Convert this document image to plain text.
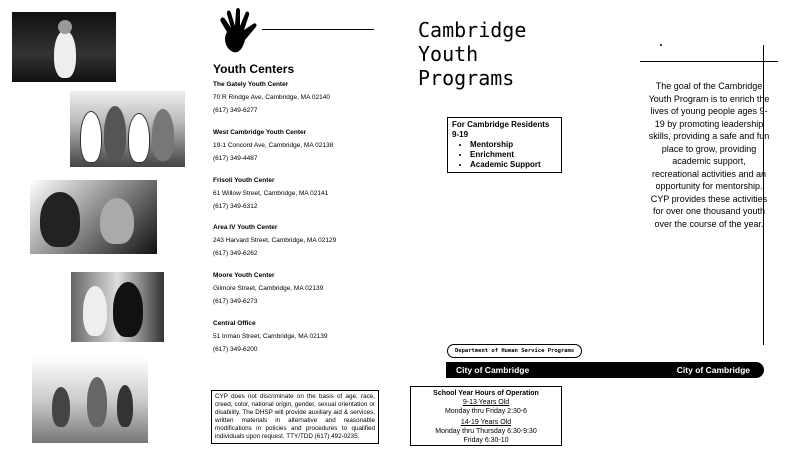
Youth Centers
The Gately Youth Center
70 R Rindge Ave, Cambridge, MA 02140
(617) 349-6277
West Cambridge Youth Center
19-1 Concord Ave, Cambridge, MA 02138
(617) 349-4487
Frisoli Youth Center
61 Willow Street, Cambridge, MA 02141
(617) 349-6312
Area IV Youth Center
243 Harvard Street, Cambridge, MA 02129
(617) 349-6262
Moore Youth Center
Gilmore Street, Cambridge, MA 02139
(617) 349-6273
Central Office
51 Inman Street, Cambridge, MA 02139
(617) 349-6200
CYP does not discriminate on the basis of age, race, creed, color, national origin, gender, sexual orientation or disability. The DHSP will provide auxiliary aid & services, written materials in alternative and reasonable modifications in policies and procedures to qualified individuals upon request. TTY/TDD (617) 492-0235.
Cambridge
Youth
Programs
For Cambridge Residents 9-19
• Mentorship
• Enrichment
• Academic Support
The goal of the Cambridge Youth Program is to enrich the lives of young people ages 9-19 by promoting leadership skills, providing a safe and fun place to grow, providing academic support, recreational activities and an opportunity for mentorship. CYP provides these activities for over one thousand youth over the course of the year.
Department of Human Service Programs
City of Cambridge	City of Cambridge
School Year Hours of Operation
9-13 Years Old
Monday thru Friday 2:30-6
14-19 Years Old
Monday thru Thursday 6:30-9:30
Friday 6:30-10
